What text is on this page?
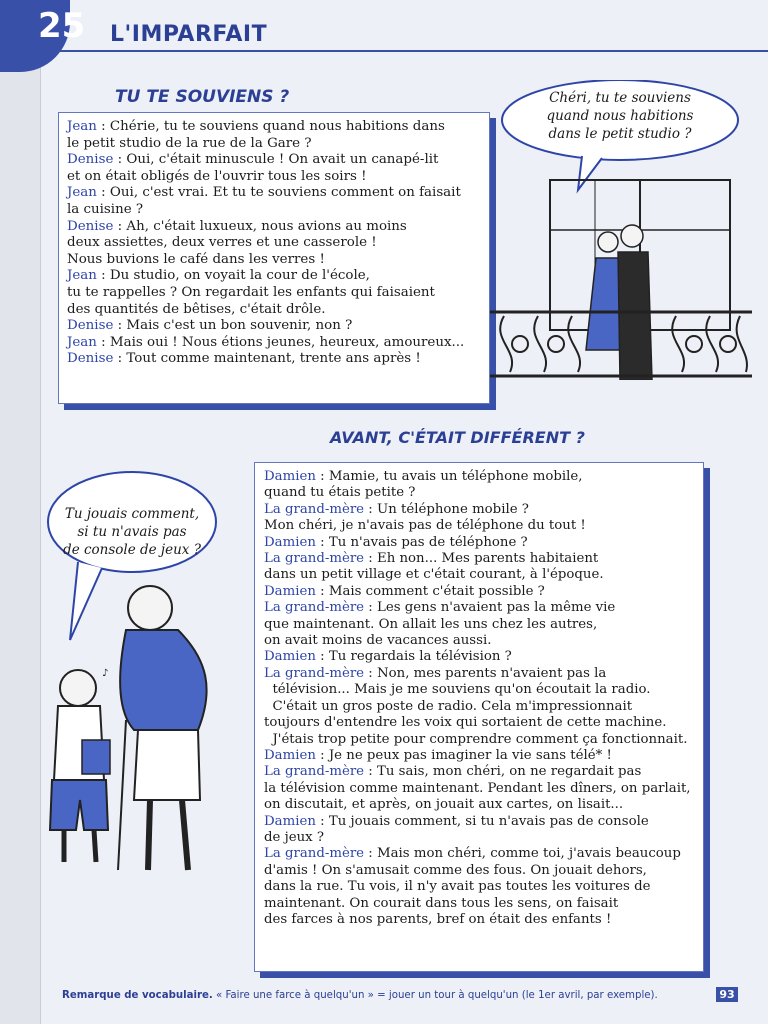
25 L'IMPARFAIT
TU TE SOUVIENS ?
Jean : Chérie, tu te souviens quand nous habitions dans
le petit studio de la rue de la Gare ?
Denise : Oui, c'était minuscule ! On avait un canapé-lit
et on était obligés de l'ouvrir tous les soirs !
Jean : Oui, c'est vrai. Et tu te souviens comment on faisait
la cuisine ?
Denise : Ah, c'était luxueux, nous avions au moins
deux assiettes, deux verres et une casserole !
Nous buvions le café dans les verres !
Jean : Du studio, on voyait la cour de l'école,
tu te rappelles ? On regardait les enfants qui faisaient
des quantités de bêtises, c'était drôle.
Denise : Mais c'est un bon souvenir, non ?
Jean : Mais oui ! Nous étions jeunes, heureux, amoureux...
Denise : Tout comme maintenant, trente ans après !
Chéri, tu te souviens
quand nous habitions
dans le petit studio ?
AVANT, C'ÉTAIT DIFFÉRENT ?
♪
Tu jouais comment,
si tu n'avais pas
de console de jeux ?
Damien : Mamie, tu avais un téléphone mobile,
quand tu étais petite ?
La grand-mère : Un téléphone mobile ?
Mon chéri, je n'avais pas de téléphone du tout !
Damien : Tu n'avais pas de téléphone ?
La grand-mère : Eh non... Mes parents habitaient
dans un petit village et c'était courant, à l'époque.
Damien : Mais comment c'était possible ?
La grand-mère : Les gens n'avaient pas la même vie
que maintenant. On allait les uns chez les autres,
on avait moins de vacances aussi.
Damien : Tu regardais la télévision ?
La grand-mère : Non, mes parents n'avaient pas la
télévision... Mais je me souviens qu'on écoutait la radio.
C'était un gros poste de radio. Cela m'impressionnait
toujours d'entendre les voix qui sortaient de cette machine.
J'étais trop petite pour comprendre comment ça fonctionnait.
Damien : Je ne peux pas imaginer la vie sans télé* !
La grand-mère : Tu sais, mon chéri, on ne regardait pas
la télévision comme maintenant. Pendant les dîners, on parlait,
on discutait, et après, on jouait aux cartes, on lisait...
Damien : Tu jouais comment, si tu n'avais pas de console
de jeux ?
La grand-mère : Mais mon chéri, comme toi, j'avais beaucoup
d'amis ! On s'amusait comme des fous. On jouait dehors,
dans la rue. Tu vois, il n'y avait pas toutes les voitures de
maintenant. On courait dans tous les sens, on faisait
des farces à nos parents, bref on était des enfants !
Remarque de vocabulaire. « Faire une farce à quelqu'un » = jouer un tour à quelqu'un (le 1er avril, par exemple).	93
